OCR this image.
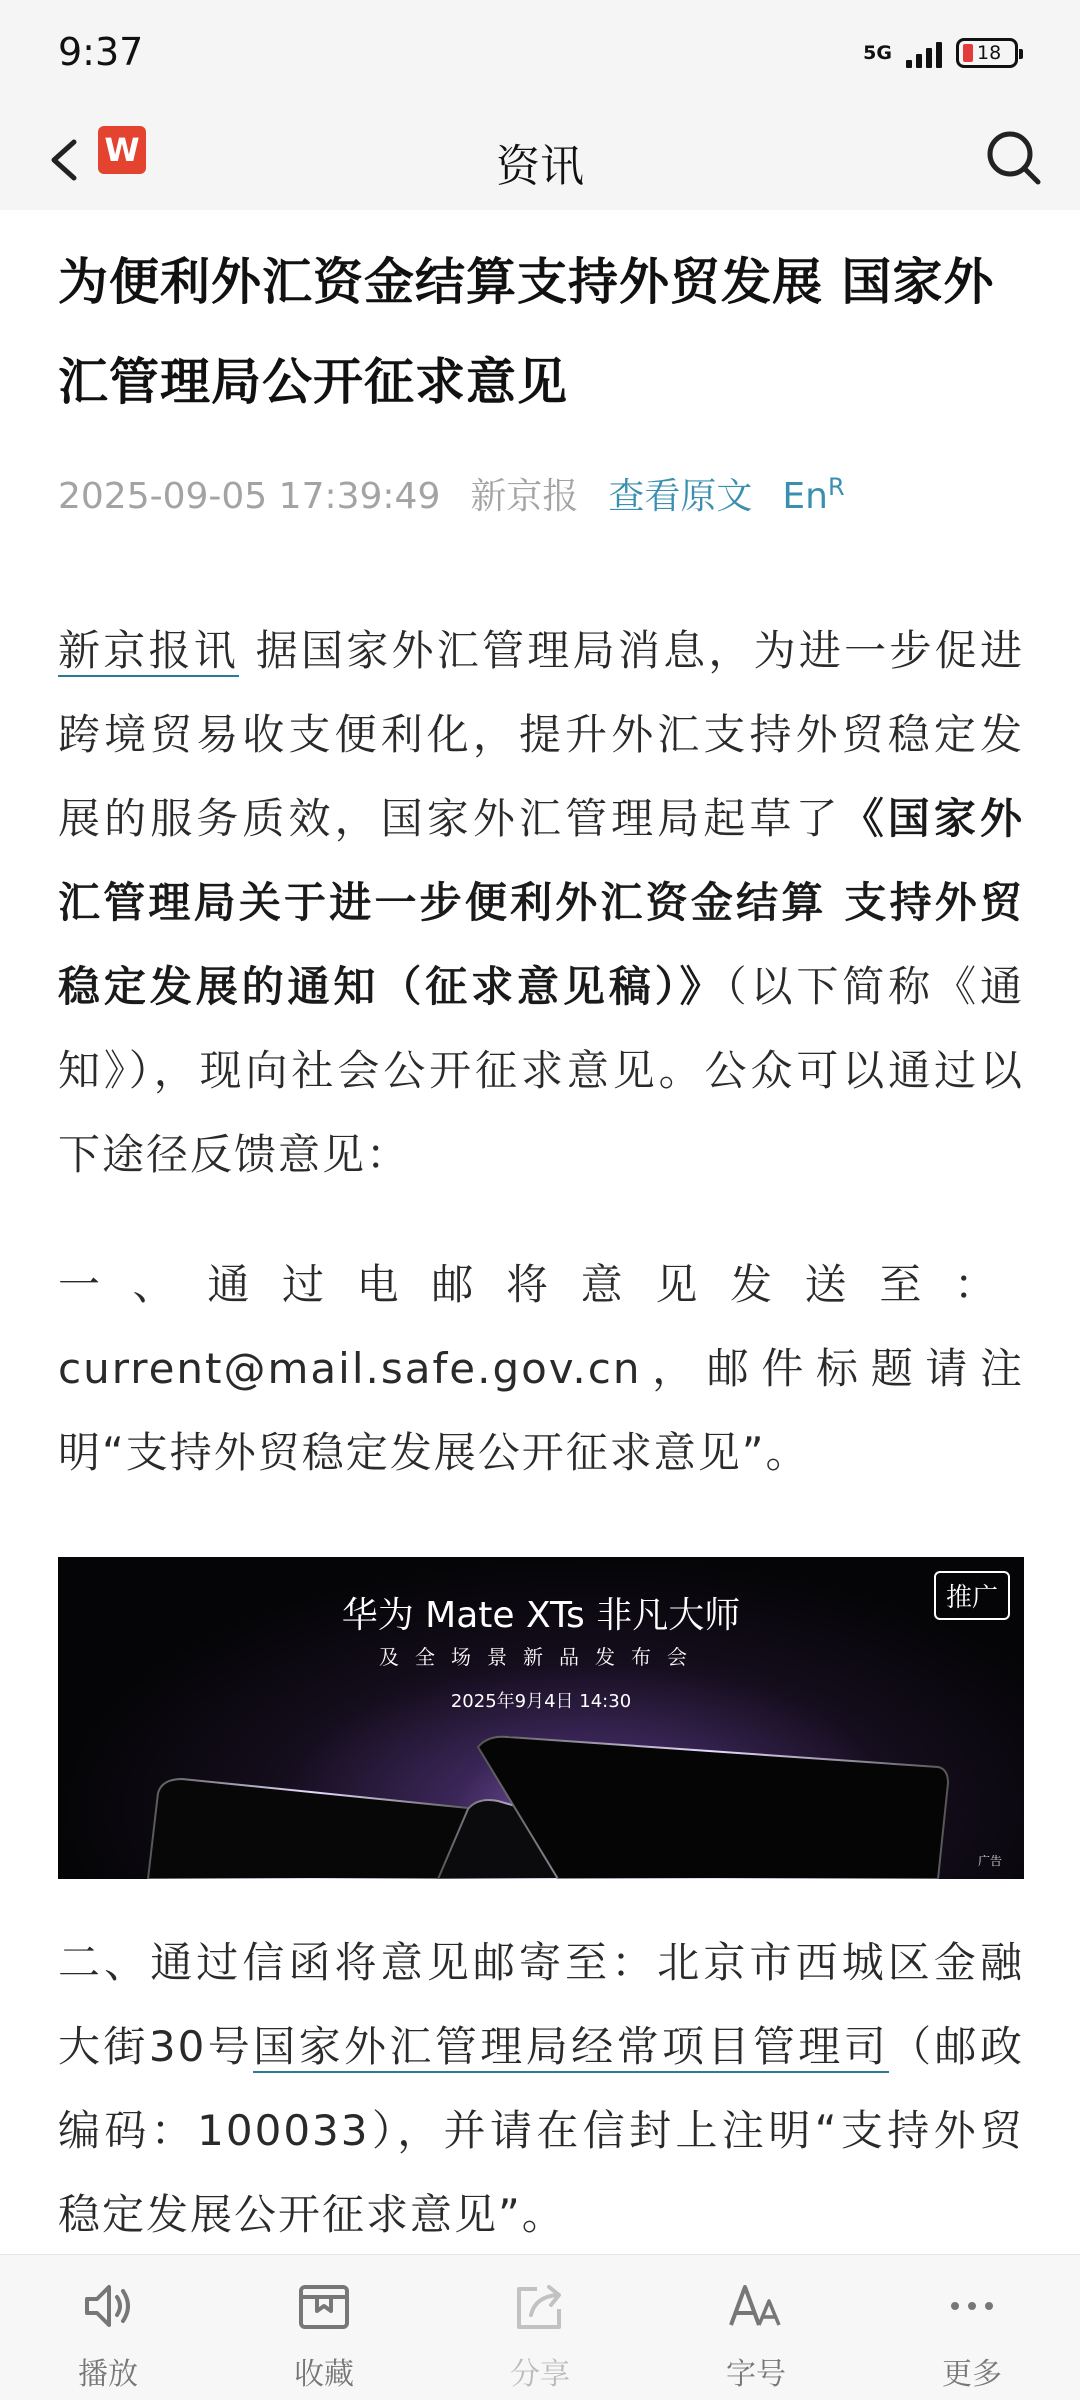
9:37	5G	18
W	资讯
为便利外汇资金结算支持外贸发展 国家外汇管理局公开征求意见
2025-09-05 17:39:49 新京报 查看原文 $En^R$

新京报讯 据国家外汇管理局消息，为进一步促进跨境贸易收支便利化，提升外汇支持外贸稳定发展的服务质效，国家外汇管理局起草了《国家外汇管理局关于进一步便利外汇资金结算 支持外贸稳定发展的通知（征求意见稿）》（以下简称《通知》），现向社会公开征求意见。公众可以通过以下途径反馈意见：

一、通过电邮将意见发送至：current@mail.safe.gov.cn，邮件标题请注明“支持外贸稳定发展公开征求意见”。

华为 Mate XTs 非凡大师
及全场景新品发布会
2025年9月4日 14:30
推广
广告

二、通过信函将意见邮寄至：北京市西城区金融大街30号国家外汇管理局经常项目管理司（邮政编码：100033），并请在信封上注明“支持外贸稳定发展公开征求意见”。

播放	收藏	分享	字号	更多
